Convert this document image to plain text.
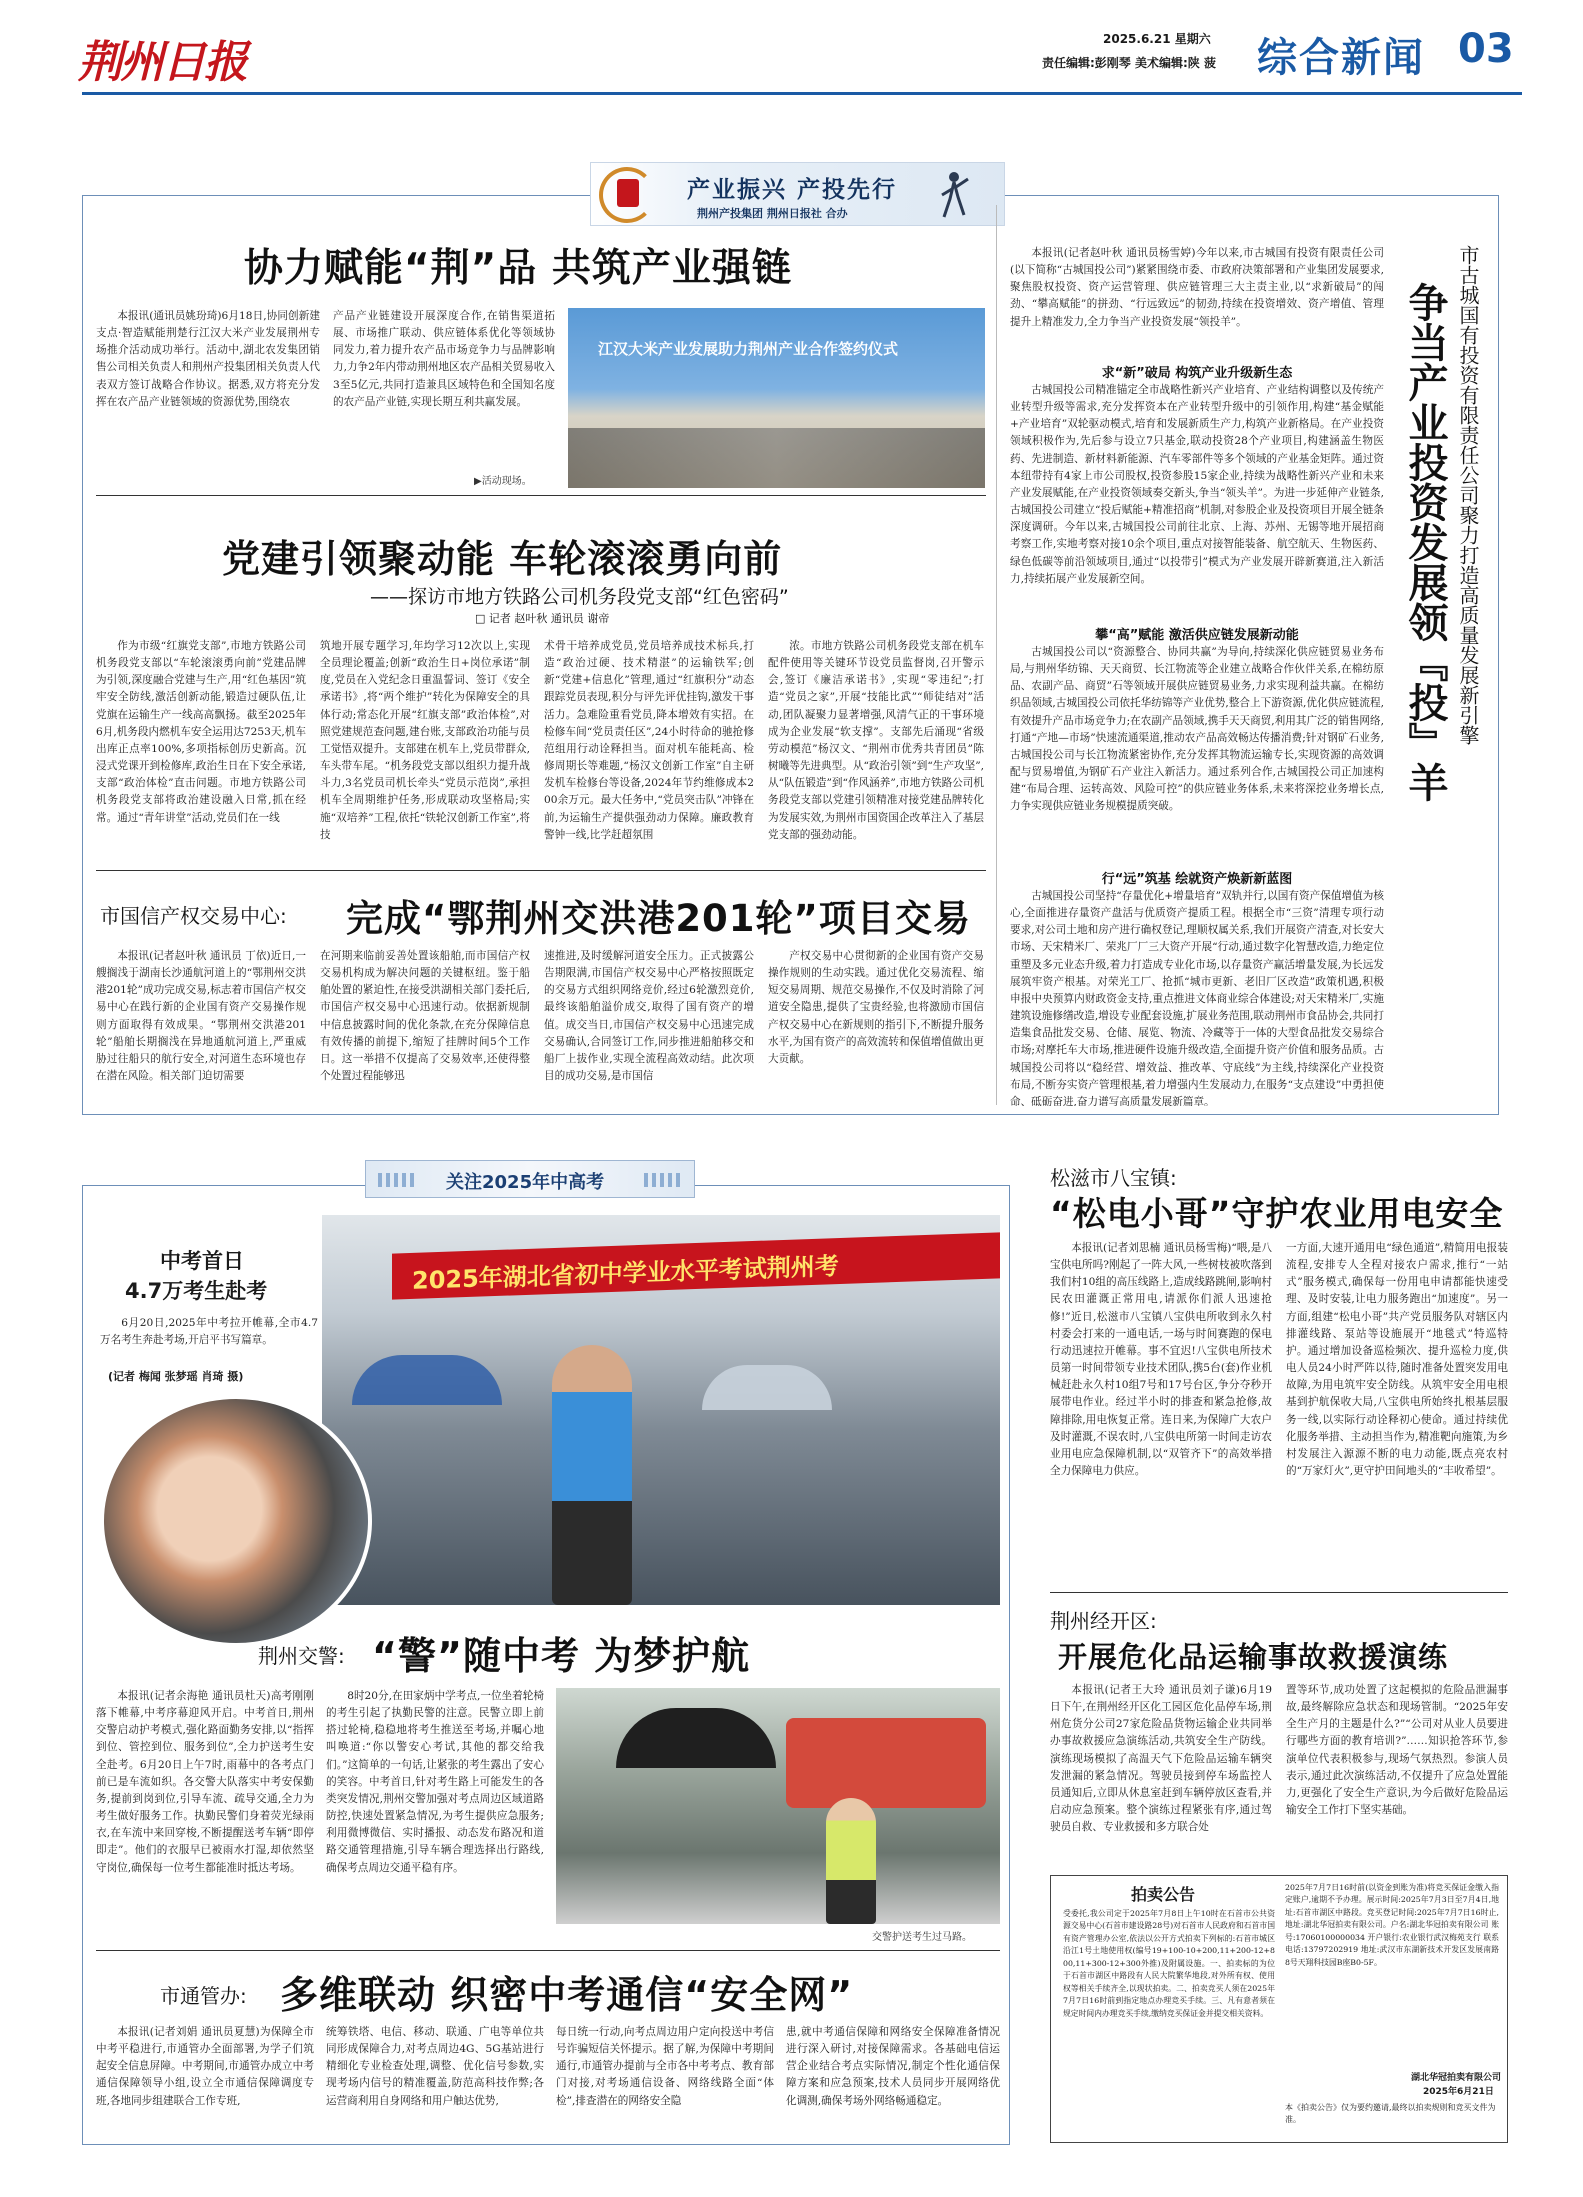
荆州日报	2025.6.21 星期六
责任编辑:彭刚琴 美术编辑:陕 菠 综合新闻 03
产业振兴 产投先行
荆州产投集团 荆州日报社 合办
协力赋能“荆”品 共筑产业强链
本报讯(通讯员姚玢琦)6月18日,协同创新建支点·智造赋能荆楚行江汉大米产业发展荆州专场推介活动成功举行。活动中,湖北农发集团销售公司相关负责人和荆州产投集团相关负责人代表双方签订战略合作协议。据悉,双方将充分发挥在农产品产业链领域的资源优势,围绕农
产品产业链建设开展深度合作,在销售渠道拓展、市场推广联动、供应链体系优化等领域协同发力,着力提升农产品市场竞争力与品牌影响力,力争2年内带动荆州地区农产品相关贸易收入3至5亿元,共同打造兼具区域特色和全国知名度的农产品产业链,实现长期互利共赢发展。
江汉大米产业发展助力荆州产业合作签约仪式
▶活动现场。
党建引领聚动能 车轮滚滚勇向前
——探访市地方铁路公司机务段党支部“红色密码”
□ 记者 赵叶秋 通讯员 谢帝
作为市级“红旗党支部”,市地方铁路公司机务段党支部以“车轮滚滚勇向前”党建品牌为引领,深度融合党建与生产,用“红色基因”筑牢安全防线,激活创新动能,锻造过硬队伍,让党旗在运输生产一线高高飘扬。截至2025年6月,机务段内燃机车安全运用达7253天,机车出库正点率100%,多项指标创历史新高。沉浸式党课开到检修库,政治生日在下安全承诺,支部“政治体检”直击问题。市地方铁路公司机务段党支部将政治建设融入日常,抓在经常。通过“青年讲堂”活动,党员们在一线
筑地开展专题学习,年均学习12次以上,实现全员理论覆盖;创新“政治生日+岗位承诺”制度,党员在入党纪念日重温誓词、签订《安全承诺书》,将“两个维护”转化为保障安全的具体行动;常态化开展“红旗支部”政治体检”,对照党建规范查问题,建台账,支部政治功能与员工觉悟双提升。支部建在机车上,党员带群众,车头带车尾。“机务段党支部以组织力提升战斗力,3名党员司机长牵头“党员示范岗”,承担机车全周期维护任务,形成联动攻坚格局;实施“双培养”工程,依托“铁轮汉创新工作室”,将技
术骨干培养成党员,党员培养成技术标兵,打造“政治过硬、技术精湛”的运输铁军;创新“党建+信息化”管理,通过“红旗积分”动态跟踪党员表现,积分与评先评优挂钩,激发干事活力。急难险重看党员,降本增效有实招。在检修车间“党员责任区”,24小时待命的驰抢修范组用行动诠释担当。面对机车能耗高、检修周期长等难题,“杨汉文创新工作室”自主研发机车检修台等设备,2024年节约维修成本200余万元。最大任务中,“党员突击队”冲锋在前,为运输生产提供强劲动力保障。廉政教育警钟一线,比学赶超氛围
浓。市地方铁路公司机务段党支部在机车配件使用等关键环节设党员监督岗,召开警示会,签订《廉洁承诺书》,实现“零违纪”;打造“党员之家”,开展“技能比武”“师徒结对”活动,团队凝聚力显著增强,风清气正的干事环境成为企业发展“软支撑”。支部先后涌现“省级劳动模范”杨汉文、“荆州市优秀共青团员”陈树曦等先进典型。从“政治引领”到“生产攻坚”,从“队伍锻造”到“作风涵养”,市地方铁路公司机务段党支部以党建引领精准对接党建品牌转化为发展实效,为荆州市国资国企改革注入了基层党支部的强劲动能。
市国信产权交易中心: 完成“鄂荆州交洪港201轮”项目交易
本报讯(记者赵叶秋 通讯员 丁依)近日,一艘搁浅于湖南长沙通航河道上的“鄂荆州交洪港201轮”成功完成交易,标志着市国信产权交易中心在践行新的企业国有资产交易操作规则方面取得有效成果。“鄂荆州交洪港201轮”船舶长期搁浅在异地通航河道上,严重威胁过往船只的航行安全,对河道生态环境也存在潜在风险。相关部门迫切需要
在河期来临前妥善处置该船舶,而市国信产权交易机构成为解决问题的关键枢纽。鉴于船舶处置的紧迫性,在接受洪湖相关部门委托后,市国信产权交易中心迅速行动。依据新规制中信息披露时间的优化条款,在充分保障信息有效传播的前提下,缩短了挂牌时间5个工作日。这一举措不仅提高了交易效率,还使得整个处置过程能够迅
速推进,及时缓解河道安全压力。正式披露公告期限满,市国信产权交易中心严格按照既定的交易方式组织网络竞价,经过6轮激烈竞价,最终该船舶溢价成交,取得了国有资产的增值。成交当日,市国信产权交易中心迅速完成交易确认,合同签订工作,同步推进船舶移交和船厂上拔作业,实现全流程高效动结。此次项目的成功交易,是市国信
产权交易中心贯彻新的企业国有资产交易操作规则的生动实践。通过优化交易流程、缩短交易周期、规范交易操作,不仅及时消除了河道安全隐患,提供了宝贵经验,也将激励市国信产权交易中心在新规则的指引下,不断提升服务水平,为国有资产的高效流转和保值增值做出更大贡献。
本报讯(记者赵叶秋 通讯员杨雪婷)今年以来,市古城国有投资有限责任公司(以下简称“古城国投公司”)紧紧围绕市委、市政府决策部署和产业集团发展要求,聚焦股权投资、资产运营管理、供应链管理三大主责主业,以“求新破局”的闯劲、“攀高赋能”的拼劲、“行远致远”的韧劲,持续在投资增效、资产增值、管理提升上精准发力,全力争当产业投资发展“领投羊”。
求“新”破局 构筑产业升级新生态
古城国投公司精准锚定全市战略性新兴产业培育、产业结构调整以及传统产业转型升级等需求,充分发挥资本在产业转型升级中的引领作用,构建“基金赋能+产业培育”双轮驱动模式,培育和发展新质生产力,构筑产业新格局。在产业投资领域积极作为,先后参与设立7只基金,联动投资28个产业项目,构建涵盖生物医药、先进制造、新材料新能源、汽车零部件等多个领域的产业基金矩阵。通过资本纽带持有4家上市公司股权,投资参股15家企业,持续为战略性新兴产业和未来产业发展赋能,在产业投资领域奏交新头,争当“领头羊”。为进一步延伸产业链条,古城国投公司建立“投后赋能+精准招商”机制,对参股企业及投资项目开展全链条深度调研。今年以来,古城国投公司前往北京、上海、苏州、无锡等地开展招商考察工作,实地考察对接10余个项目,重点对接智能装备、航空航天、生物医药、绿色低碳等前沿领域项目,通过“以投带引”模式为产业发展开辟新赛道,注入新活力,持续拓展产业发展新空间。
攀“高”赋能 激活供应链发展新动能
古城国投公司以“资源整合、协同共赢”为导向,持续深化供应链贸易业务布局,与荆州华纺锦、天天商贸、长江物流等企业建立战略合作伙伴关系,在棉纺原品、农副产品、商贸”石等领域开展供应链贸易业务,力求实现利益共赢。在棉纺织品领域,古城国投公司依托华纺锦等产业优势,整合上下游资源,优化供应链流程,有效提升产品市场竞争力;在农副产品领域,携手天天商贸,利用其广泛的销售网络,打通“产地—市场”快速流通渠道,推动农产品高效畅达传播消费;针对钢矿石业务,古城国投公司与长江物流紧密协作,充分发挥其物流运输专长,实现资源的高效调配与贸易增值,为钢矿石产业注入新活力。通过系列合作,古城国投公司正加速构建“布局合理、运转高效、风险可控”的供应链业务体系,未来将深挖业务增长点,力争实现供应链业务规模提质突破。
行“远”筑基 绘就资产焕新新蓝图
古城国投公司坚持“存量优化+增量培育”双轨并行,以国有资产保值增值为核心,全面推进存量资产盘活与优质资产提质工程。根据全市“三资”清理专项行动要求,对公司土地和房产进行确权登记,理顺权属关系,我们开展资产清查,对长安大市场、天宋精米厂、荣兆厂厂三大资产开展“行动,通过数字化智慧改造,力绝定位重塑及多元业态升级,着力打造成专业化市场,以存量资产赢活增量发展,为长远发展筑牢资产根基。对荣光工厂、抢抓“城市更新、老旧厂区改造”政策机遇,积极申报中央预算内财政资金支持,重点推进文体商业综合体建设;对天宋精米厂,实施建筑设施修缮改造,增设专业配套设施,扩展业务范围,联动荆州市食品协会,共同打造集食品批发交易、仓储、展览、物流、冷藏等于一体的大型食品批发交易综合市场;对摩托车大市场,推进硬件设施升级改造,全面提升资产价值和服务品质。古城国投公司将以“稳经营、增效益、推改革、守底线”为主线,持续深化产业投资布局,不断夯实资产管理根基,着力增强内生发展动力,在服务“支点建设”中勇担使命、砥砺奋进,奋力谱写高质量发展新篇章。
市古城国有投资有限责任公司聚力打造高质量发展新引擎
争当产业投资发展领『投』羊
关注2025年中高考
中考首日
4.7万考生赴考
6月20日,2025年中考拉开帷幕,全市4.7万名考生奔赴考场,开启平书写篇章。
(记者 梅闻 张梦瑶 肖琦 摄)
2025年湖北省初中学业水平考试荆州考
荆州交警: “警”随中考 为梦护航
本报讯(记者余海艳 通讯员杜天)高考刚刚落下帷幕,中考序幕迎风开启。中考首日,荆州交警启动护考模式,强化路面勤务安排,以“指挥到位、管控到位、服务到位”,全力护送考生安全赴考。6月20日上午7时,雨幕中的各考点门前已是车流如织。各交警大队落实中考安保勤务,提前到岗到位,引导车流、疏导交通,全力为考生做好服务工作。执勤民警们身着荧光绿雨衣,在车流中来回穿梭,不断提醒送考车辆“即停即走”。他们的衣服早已被雨水打湿,却依然坚守岗位,确保每一位考生都能准时抵达考场。
8时20分,在田家炳中学考点,一位坐着轮椅的考生引起了执勤民警的注意。民警立即上前搭过轮椅,稳稳地将考生推送至考场,并嘱心地叫唤道:“你以警安心考试,其他的都交给我们。”这简单的一句话,让紧张的考生露出了安心的笑容。中考首日,针对考生路上可能发生的各类突发情况,荆州交警加强对考点周边区域道路防控,快速处置紧急情况,为考生提供应急服务;利用微博微信、实时播报、动态发布路况和道路交通管理措施,引导车辆合理选择出行路线,确保考点周边交通平稳有序。
交警护送考生过马路。
市通管办: 多维联动 织密中考通信“安全网”
本报讯(记者刘娟 通讯员夏慧)为保障全市中考平稳进行,市通管办全面部署,为学子们筑起安全信息屏障。中考期间,市通管办成立中考通信保障领导小组,设立全市通信保障调度专班,各地同步组建联合工作专班,
统筹铁塔、电信、移动、联通、广电等单位共同形成保障合力,对考点周边4G、5G基站进行精细化专业检查处理,调整、优化信号参数,实现考场内信号的精准覆盖,防范高科技作弊;各运营商利用自身网络和用户触达优势,
每日统一行动,向考点周边用户定向投送中考信号诈骗短信关怀提示。据了解,为保障中考期间通行,市通管办提前与全市各中考考点、教育部门对接,对考场通信设备、网络线路全面“体检”,排查潜在的网络安全隐
患,就中考通信保障和网络安全保障准备情况进行深入研讨,对接保障需求。各基础电信运营企业结合考点实际情况,制定个性化通信保障方案和应急预案,技术人员同步开展网络优化调测,确保考场外网络畅通稳定。
松滋市八宝镇:
“松电小哥”守护农业用电安全
本报讯(记者刘思楠 通讯员杨雪梅)“喂,是八宝供电所吗?刚起了一阵大风,一些树枝被吹落到我们村10组的高压线路上,造成线路跳闸,影响村民农田灌溉正常用电,请派你们派人迅速抢修!”近日,松滋市八宝镇八宝供电所收到永久村村委会打来的一通电话,一场与时间赛跑的保电行动迅速拉开帷幕。事不宜迟!八宝供电所技术员第一时间带领专业技术团队,携5台(套)作业机械赶赴永久村10组7号和17号台区,争分夺秒开展带电作业。经过半小时的排查和紧急抢修,故障排除,用电恢复正常。连日来,为保障广大农户及时灌溉,不误农时,八宝供电所第一时间走访农业用电应急保障机制,以“双管齐下”的高效举措全力保障电力供应。
一方面,大速开通用电“绿色通道”,精简用电报装流程,安排专人全程对接农户需求,推行“一站式”服务模式,确保每一份用电申请都能快速受理、及时安装,让电力服务跑出“加速度”。另一方面,组建“松电小哥”共产党员服务队对辖区内排灌线路、泵站等设施展开“地毯式”特巡特护。通过增加设备巡检频次、提升巡检力度,供电人员24小时严阵以待,随时准备处置突发用电故障,为用电筑牢安全防线。从筑牢安全用电根基到护航保收大局,八宝供电所始终扎根基层服务一线,以实际行动诠释初心使命。通过持续优化服务举措、主动担当作为,精准靶向施策,为乡村发展注入源源不断的电力动能,既点亮农村的“万家灯火”,更守护田间地头的“丰收希望”。
荆州经开区:
开展危化品运输事故救援演练
本报讯(记者王大玲 通讯员刘子谦)6月19日下午,在荆州经开区化工园区危化品停车场,荆州危货分公司27家危险品货物运输企业共同举办事故救援应急演练活动,共筑安全生产防线。演练现场模拟了高温天气下危险品运输车辆突发泄漏的紧急情况。驾驶员接到停车场监控人员通知后,立即从休息室赶到车辆停放区查看,并启动应急预案。整个演练过程紧张有序,通过驾驶员自救、专业救援和多方联合处
置等环节,成功处置了这起模拟的危险品泄漏事故,最终解除应急状态和现场管制。“2025年安全生产月的主题是什么?”“公司对从业人员要进行哪些方面的教育培训?”……知识抢答环节,参演单位代表积极参与,现场气氛热烈。参演人员表示,通过此次演练活动,不仅提升了应急处置能力,更强化了安全生产意识,为今后做好危险品运输安全工作打下坚实基础。
拍卖公告
受委托,我公司定于2025年7月8日上午10时在石首市公共资源交易中心(石首市建设路28号)对石首市人民政府和石首市国有资产管理办公室,依法以公开方式拍卖下列标的:石首市城区沿江1号土地使用权(编号19+100-10+200,11+200-12+800,11+300-12+300外推)及附属设施。一、拍卖标的为位于石首市湖区中路段有人民大院繁华地段,对外所有权、使用权等相关手续齐全,以现状拍卖。二、拍卖竞买人须在2025年7月7日16时前到指定地点办理竞买手续。三、凡有意者须在规定时间内办理竞买手续,缴纳竞买保证金并提交相关资料。
2025年7月7日16时前(以资金到账为准)将竞买保证金缴入指定账户,逾期不予办理。展示时间:2025年7月3日至7月4日,地址:石首市湖区中路段。竞买登记时间:2025年7月7日16时止,地址:湖北华冠拍卖有限公司。户名:湖北华冠拍卖有限公司 账号:17060100000034 开户银行:农业银行武汉梅苑支行 联系电话:13797202919 地址:武汉市东湖新技术开发区发展南路8号天翔科技园B座B0-5F。
湖北华冠拍卖有限公司
2025年6月21日
本《拍卖公告》仅为要约邀请,最终以拍卖规则和竞买文件为准。
